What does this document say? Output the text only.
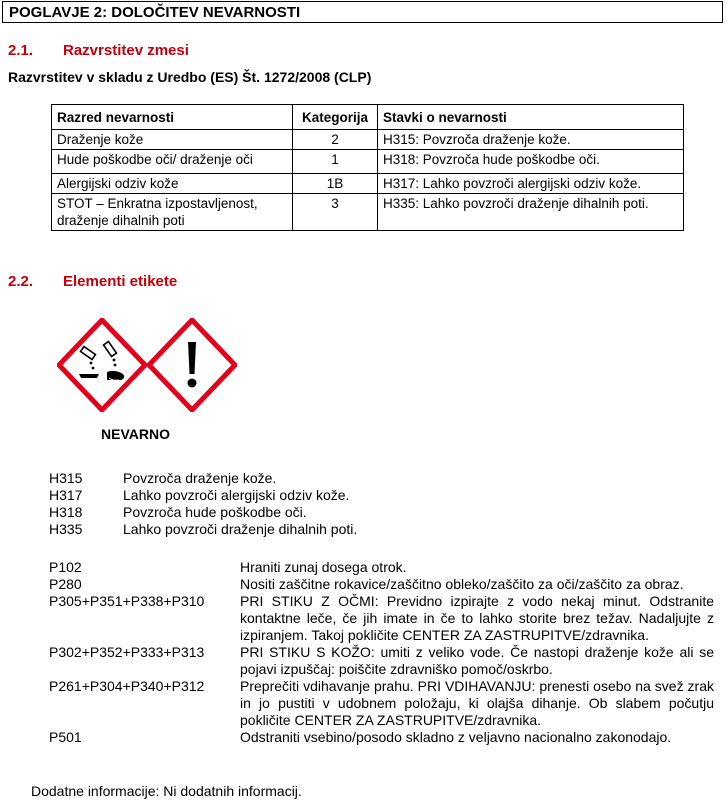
POGLAVJE 2: DOLOČITEV NEVARNOSTI
2.1. Razvrstitev zmesi
Razvrstitev v skladu z Uredbo (ES) Št. 1272/2008 (CLP)
Razred nevarnosti	Kategorija	Stavki o nevarnosti
Draženje kože	2	H315: Povzroča draženje kože.
Hude poškodbe oči/ draženje oči	1	H318: Povzroča hude poškodbe oči.
Alergijski odziv kože	1B	H317: Lahko povzroči alergijski odziv kože.
STOT – Enkratna izpostavljenost, draženje dihalnih poti	3	H335: Lahko povzroči draženje dihalnih poti.
2.2. Elementi etikete
NEVARNO
H315	Povzroča draženje kože.
H317	Lahko povzroči alergijski odziv kože.
H318	Povzroča hude poškodbe oči.
H335	Lahko povzroči draženje dihalnih poti.
P102	Hraniti zunaj dosega otrok.
P280	Nositi zaščitne rokavice/zaščitno obleko/zaščito za oči/zaščito za obraz.
P305+P351+P338+P310	PRI STIKU Z OČMI: Previdno izpirajte z vodo nekaj minut. Odstranite kontaktne leče, če jih imate in če to lahko storite brez težav. Nadaljujte z izpiranjem. Takoj pokličite CENTER ZA ZASTRUPITVE/zdravnika.
P302+P352+P333+P313	PRI STIKU S KOŽO: umiti z veliko vode. Če nastopi draženje kože ali se pojavi izpuščaj: poiščite zdravniško pomoč/oskrbo.
P261+P304+P340+P312	Preprečiti vdihavanje prahu. PRI VDIHAVANJU: prenesti osebo na svež zrak in jo pustiti v udobnem položaju, ki olajša dihanje. Ob slabem počutju pokličite CENTER ZA ZASTRUPITVE/zdravnika.
P501	Odstraniti vsebino/posodo skladno z veljavno nacionalno zakonodajo.
Dodatne informacije: Ni dodatnih informacij.
